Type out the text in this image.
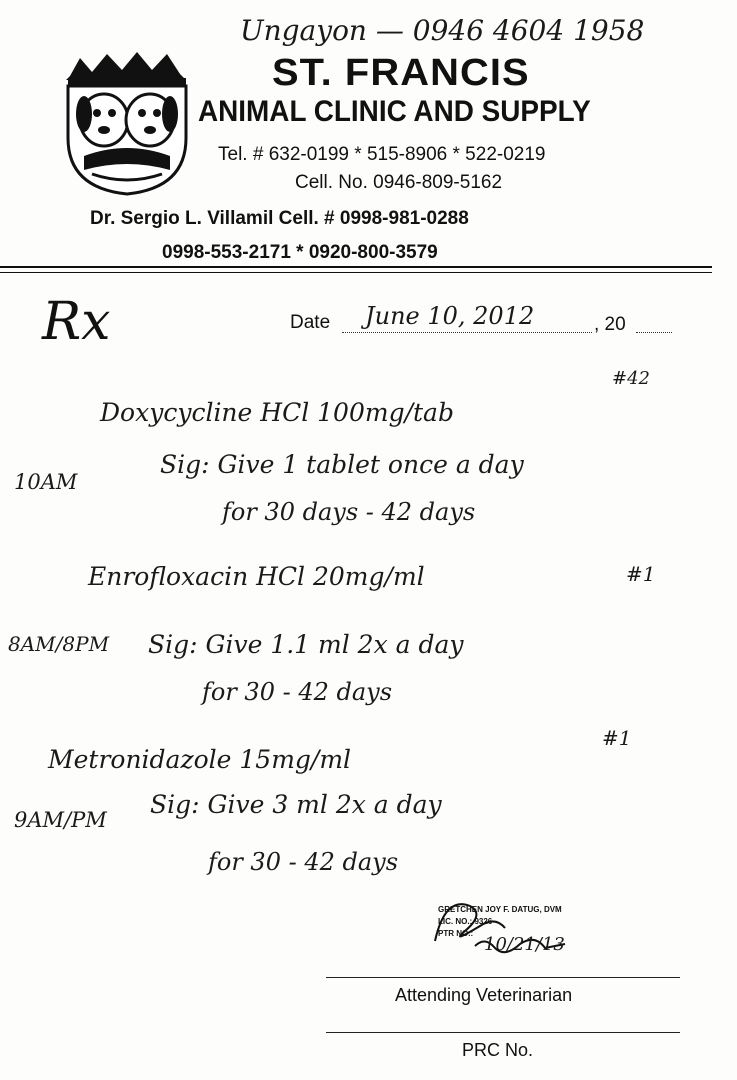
Ungayon — 0946 4604 1958
ST. FRANCIS
ANIMAL CLINIC AND SUPPLY
Tel. # 632-0199 * 515-8906 * 522-0219
Cell. No. 0946-809-5162
Dr. Sergio L. Villamil Cell. # 0998-981-0288
0998-553-2171 * 0920-800-3579
Rx	Date June 10, 2012	, 20
#42
Doxycycline HCl 100mg/tab
10AM
Sig: Give 1 tablet once a day
for 30 days - 42 days
#1
Enrofloxacin HCl 20mg/ml
8AM/8PM Sig: Give 1.1 ml 2x a day
for 30 - 42 days
#1
Metronidazole 15mg/ml
9AM/PM
Sig: Give 3 ml 2x a day
for 30 - 42 days
GRETCHEN JOY F. DATUG, DVM
LIC. NO.: 9326
PTR NO.:
10/21/13
Attending Veterinarian
PRC No.
